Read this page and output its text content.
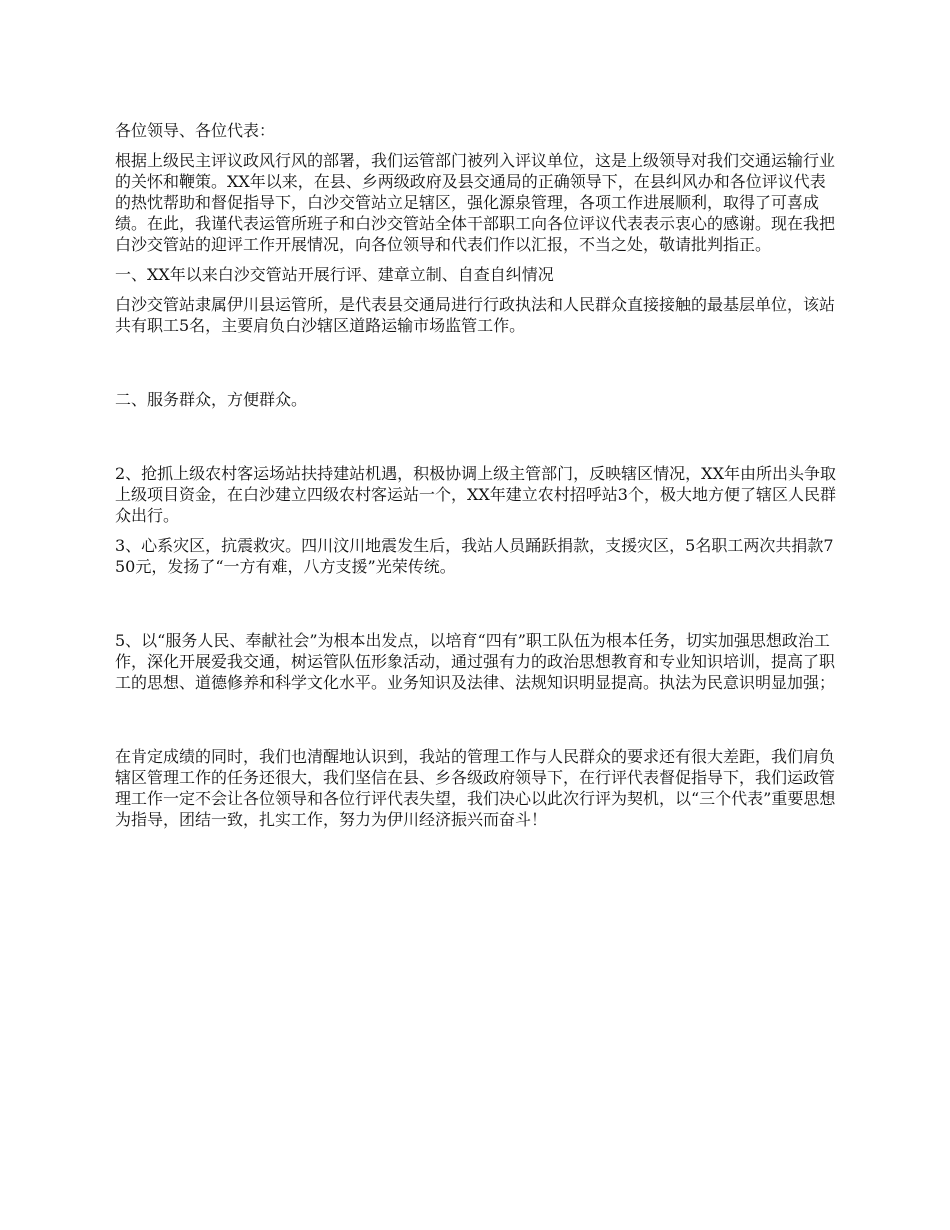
各位领导、各位代表：

根据上级民主评议政风行风的部署，我们运管部门被列入评议单位，这是上级领导对我们交通运输行业的关怀和鞭策。XX年以来，在县、乡两级政府及县交通局的正确领导下，在县纠风办和各位评议代表的热忱帮助和督促指导下，白沙交管站立足辖区，强化源泉管理，各项工作进展顺利，取得了可喜成绩。在此，我谨代表运管所班子和白沙交管站全体干部职工向各位评议代表表示衷心的感谢。现在我把白沙交管站的迎评工作开展情况，向各位领导和代表们作以汇报，不当之处，敬请批判指正。

一、XX年以来白沙交管站开展行评、建章立制、自查自纠情况

白沙交管站隶属伊川县运管所，是代表县交通局进行行政执法和人民群众直接接触的最基层单位，该站共有职工5名，主要肩负白沙辖区道路运输市场监管工作。

二、服务群众，方便群众。

2、抢抓上级农村客运场站扶持建站机遇，积极协调上级主管部门，反映辖区情况，XX年由所出头争取上级项目资金，在白沙建立四级农村客运站一个，XX年建立农村招呼站3个，极大地方便了辖区人民群众出行。

3、心系灾区，抗震救灾。四川汶川地震发生后，我站人员踊跃捐款，支援灾区，5名职工两次共捐款750元，发扬了“一方有难，八方支援”光荣传统。

5、以“服务人民、奉献社会”为根本出发点，以培育“四有”职工队伍为根本任务，切实加强思想政治工作，深化开展爱我交通，树运管队伍形象活动，通过强有力的政治思想教育和专业知识培训，提高了职工的思想、道德修养和科学文化水平。业务知识及法律、法规知识明显提高。执法为民意识明显加强；

在肯定成绩的同时，我们也清醒地认识到，我站的管理工作与人民群众的要求还有很大差距，我们肩负辖区管理工作的任务还很大，我们坚信在县、乡各级政府领导下，在行评代表督促指导下，我们运政管理工作一定不会让各位领导和各位行评代表失望，我们决心以此次行评为契机，以“三个代表”重要思想为指导，团结一致，扎实工作，努力为伊川经济振兴而奋斗！
